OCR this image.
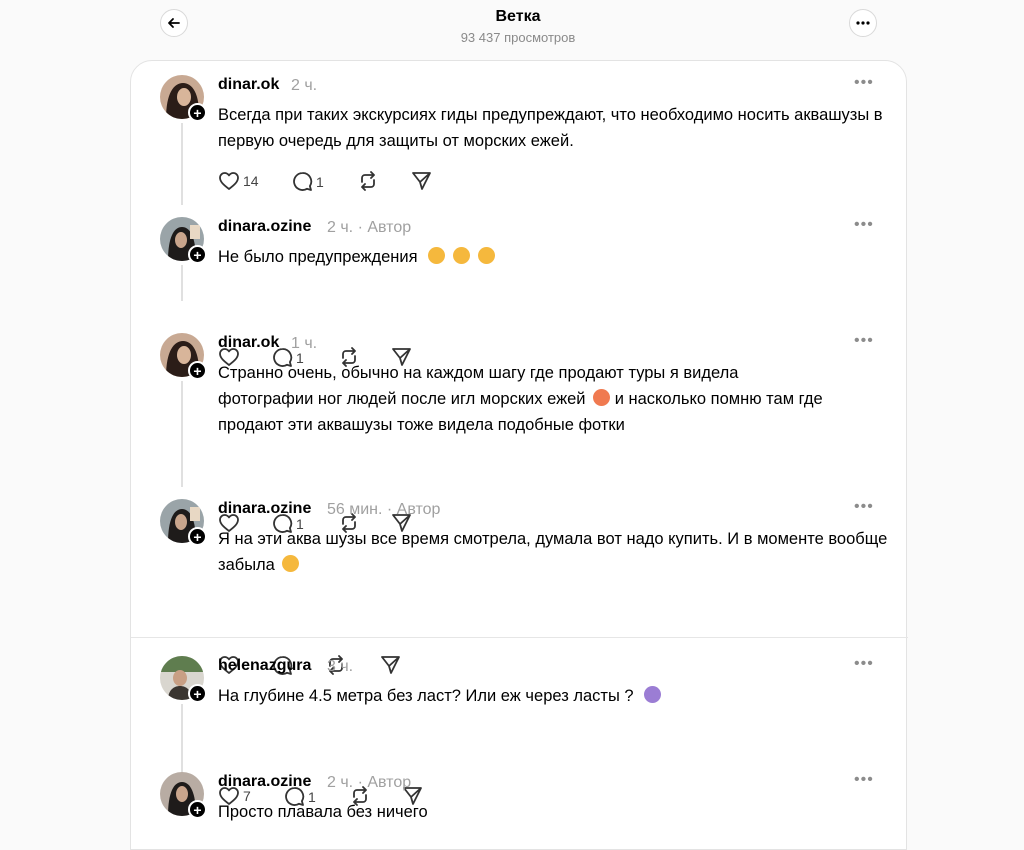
Ветка
93 437 просмотров
+
dinar.ok 2 ч.	•••
Всегда при таких экскурсиях гиды предупреждают, что необходимо носить аквашузы в первую очередь для защиты от морских ежей.
14	1
+
dinara.ozine 2 ч. · Автор	•••
Не было предупреждения
1
+
dinar.ok 1 ч.	•••
Странно очень, обычно на каждом шагу где продают туры я видела фотографии ног людей после игл морских ежей  и насколько помню там где продают эти аквашузы тоже видела подобные фотки
1
+
dinara.ozine 56 мин. · Автор	•••
Я на эти аква шузы все время смотрела, думала вот надо купить. И в моменте вообще забыла
+
helenazgura 3 ч.	•••
На глубине 4.5 метра без ласт? Или еж через ласты ?
7	1
+
dinara.ozine 2 ч. · Автор	•••
Просто плавала без ничего
